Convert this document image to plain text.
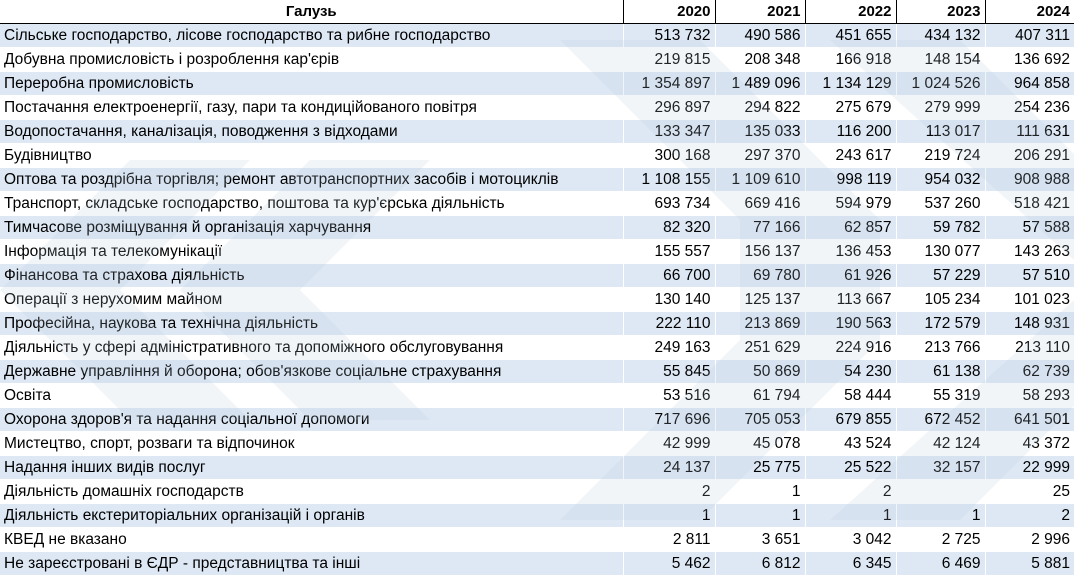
Галузь	2020	2021	2022	2023	2024
Сільське господарство, лісове господарство та рибне господарство	513 732	490 586	451 655	434 132	407 311
Добувна промисловість і розроблення кар'єрів	219 815	208 348	166 918	148 154	136 692
Переробна промисловість	1 354 897	1 489 096	1 134 129	1 024 526	964 858
Постачання електроенергії, газу, пари та кондиційованого повітря	296 897	294 822	275 679	279 999	254 236
Водопостачання, каналізація, поводження з відходами	133 347	135 033	116 200	113 017	111 631
Будівництво	300 168	297 370	243 617	219 724	206 291
Оптова та роздрібна торгівля; ремонт автотранспортних засобів і мотоциклів	1 108 155	1 109 610	998 119	954 032	908 988
Транспорт, складське господарство, поштова та кур'єрська діяльність	693 734	669 416	594 979	537 260	518 421
Тимчасове розміщування й організація харчування	82 320	77 166	62 857	59 782	57 588
Інформація та телекомунікації	155 557	156 137	136 453	130 077	143 263
Фінансова та страхова діяльність	66 700	69 780	61 926	57 229	57 510
Операції з нерухомим майном	130 140	125 137	113 667	105 234	101 023
Професійна, наукова та технічна діяльність	222 110	213 869	190 563	172 579	148 931
Діяльність у сфері адміністративного та допоміжного обслуговування	249 163	251 629	224 916	213 766	213 110
Державне управління й оборона; обов'язкове соціальне страхування	55 845	50 869	54 230	61 138	62 739
Освіта	53 516	61 794	58 444	55 319	58 293
Охорона здоров'я та надання соціальної допомоги	717 696	705 053	679 855	672 452	641 501
Мистецтво, спорт, розваги та відпочинок	42 999	45 078	43 524	42 124	43 372
Надання інших видів послуг	24 137	25 775	25 522	32 157	22 999
Діяльність домашніх господарств	2	1	2		25
Діяльність екстериторіальних організацій і органів	1	1	1	1	2
КВЕД не вказано	2 811	3 651	3 042	2 725	2 996
Не зареєстровані в ЄДР - представництва та інші	5 462	6 812	6 345	6 469	5 881
